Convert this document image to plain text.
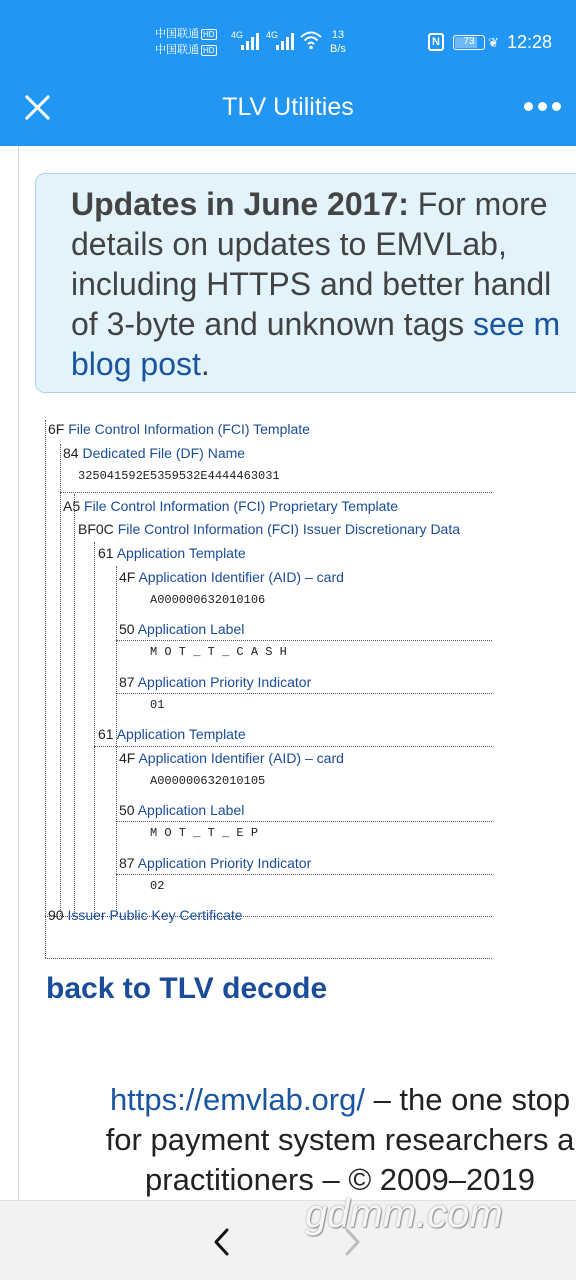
中国联通 HD
中国联通 HD
4G	4G	13
B/s
N	73	❦ 12:28
TLV Utilities
Updates in June 2017: For more
details on updates to EMVLab,
including HTTPS and better handl
of 3-byte and unknown tags see m
blog post.
6F File Control Information (FCI) Template
84 Dedicated File (DF) Name
325041592E5359532E4444463031
A5 File Control Information (FCI) Proprietary Template
BF0C File Control Information (FCI) Issuer Discretionary Data
61 Application Template
4F Application Identifier (AID) – card
A000000632010106
50 Application Label
M O T _ T _ C A S H
87 Application Priority Indicator
01
61 Application Template
4F Application Identifier (AID) – card
A000000632010105
50 Application Label
M O T _ T _ E P
87 Application Priority Indicator
02
90 Issuer Public Key Certificate
back to TLV decode
https://emvlab.org/ – the one stop
for payment system researchers a
practitioners – © 2009–2019
gdmm.com
